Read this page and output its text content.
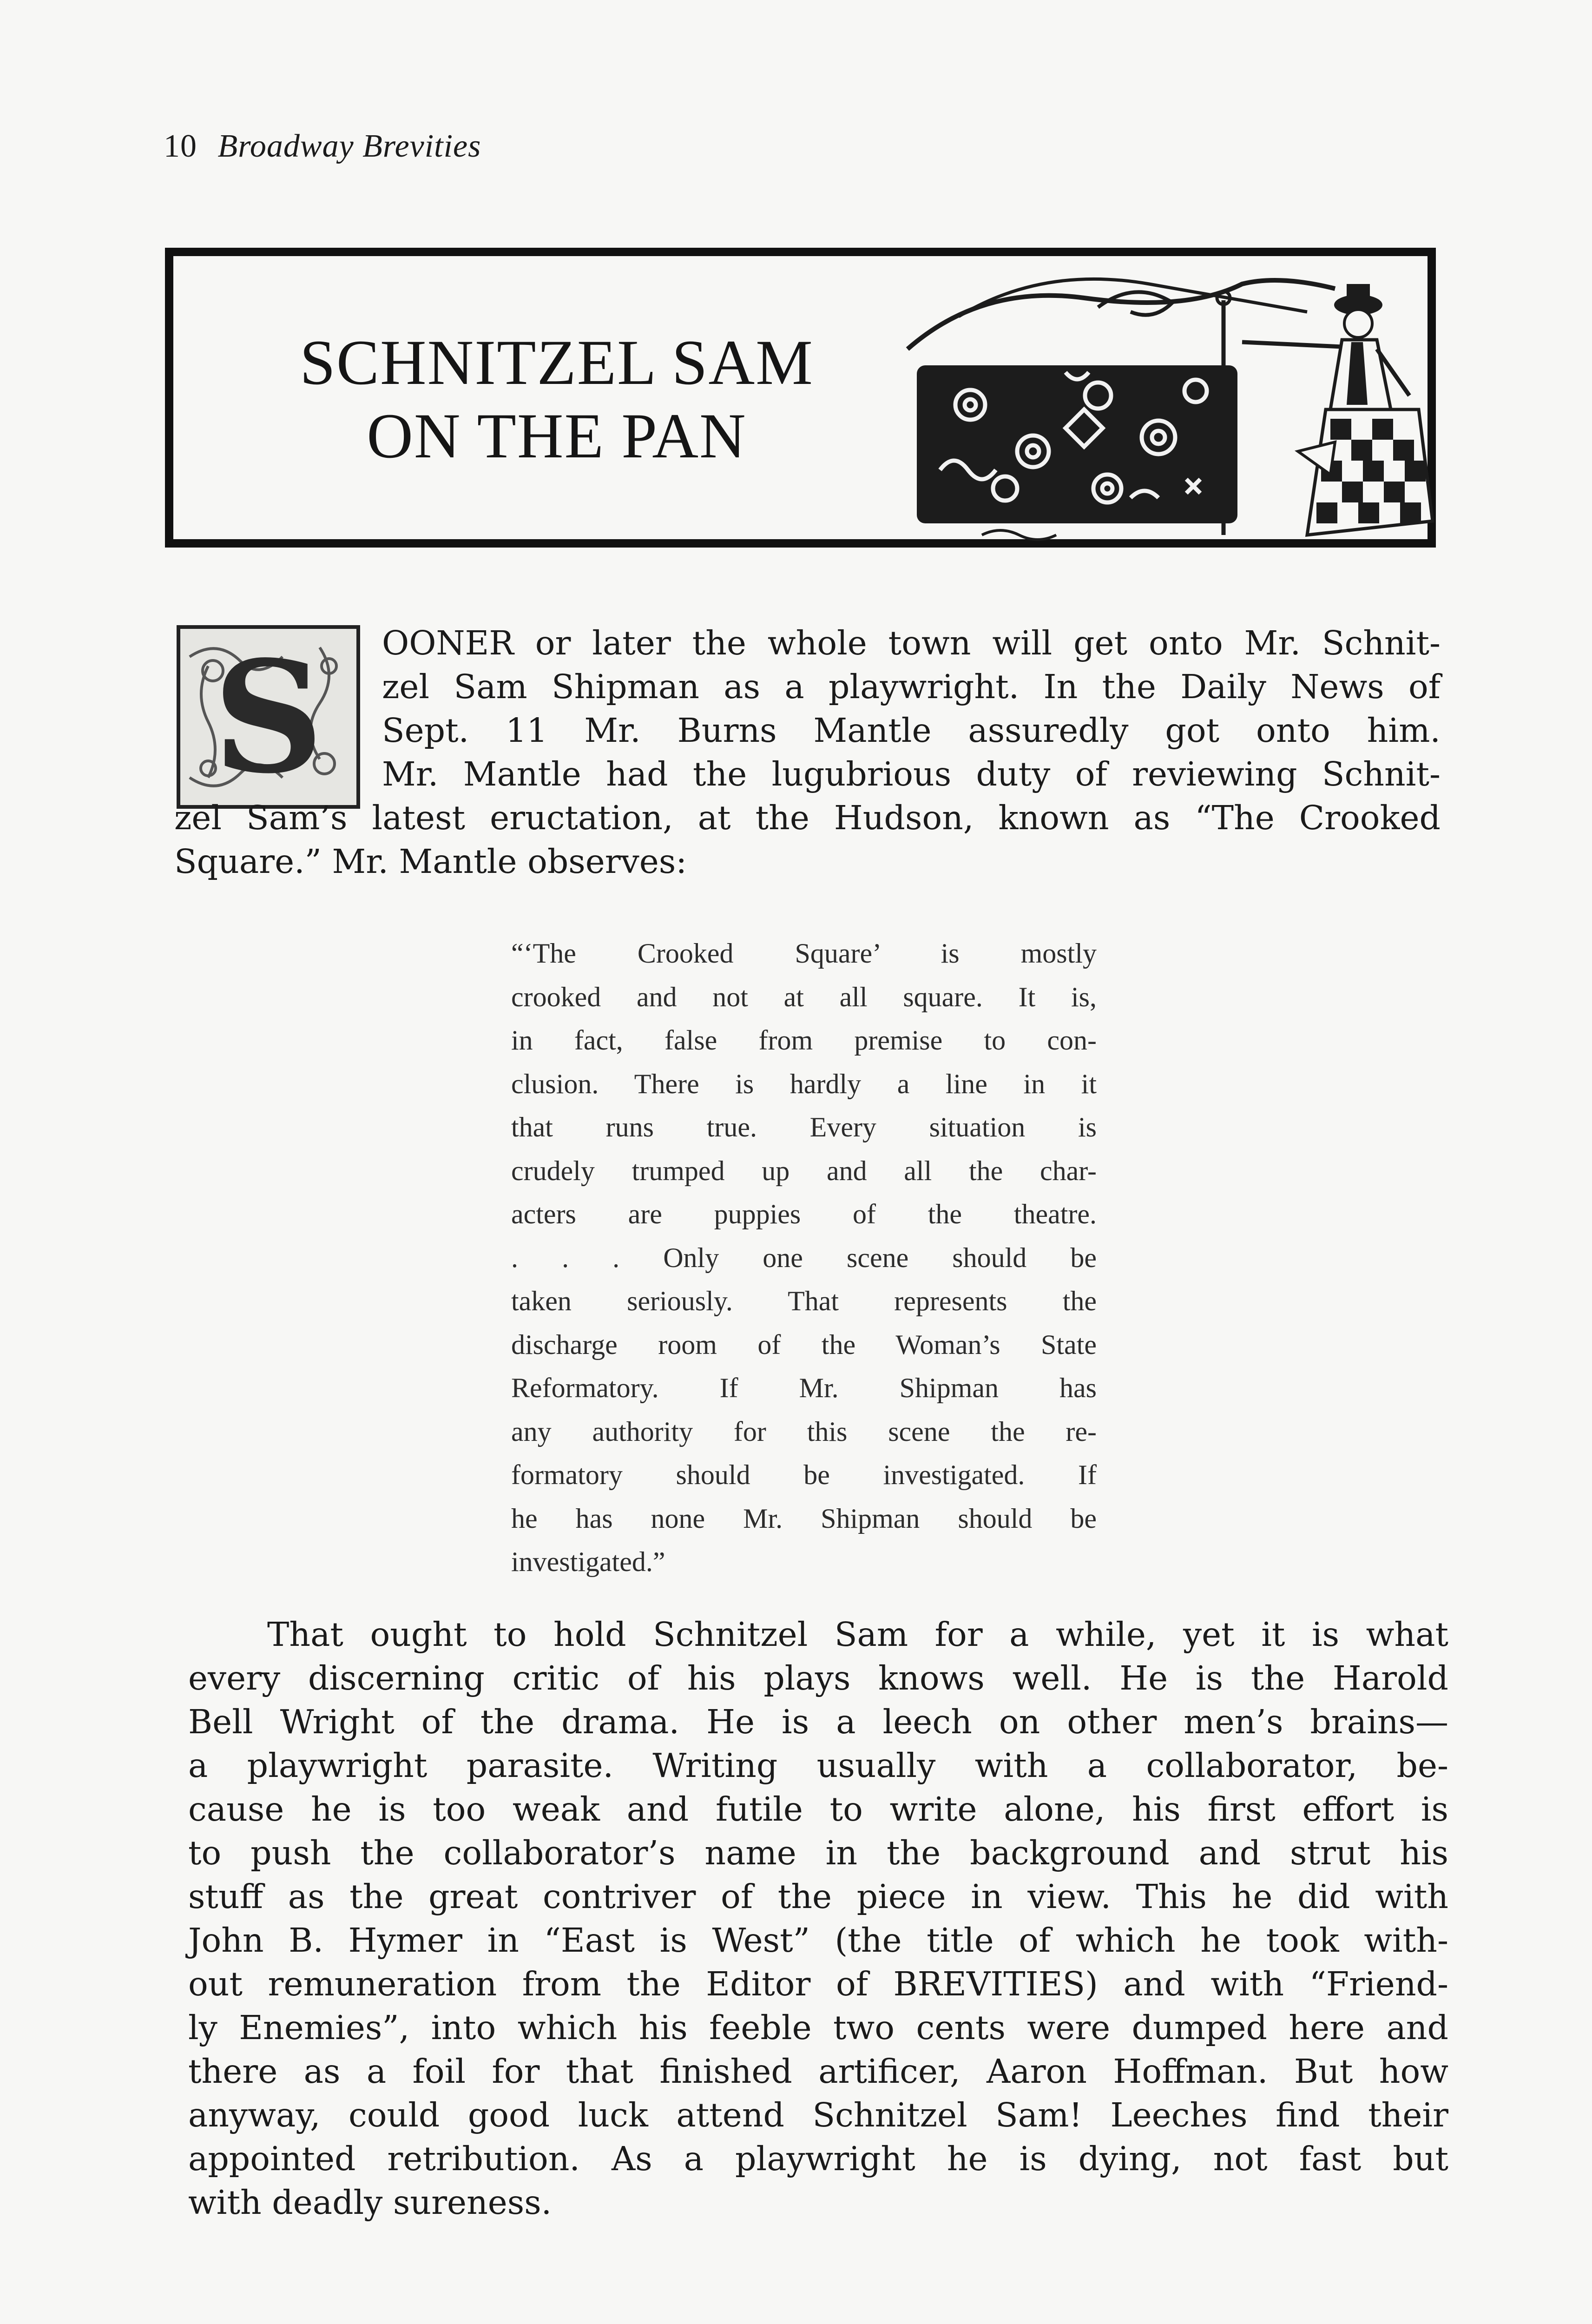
10 Broadway Brevities
SCHNITZEL SAM
ON THE PAN
S	OONER or later the whole town will get onto Mr. Schnit-
zel Sam Shipman as a playwright. In the Daily News of
Sept. 11 Mr. Burns Mantle assuredly got onto him.
Mr. Mantle had the lugubrious duty of reviewing Schnit-
zel Sam’s latest eructation, at the Hudson, known as “The Crooked
Square.” Mr. Mantle observes:
“‘The Crooked Square’ is mostly
crooked and not at all square. It is,
in fact, false from premise to con-
clusion. There is hardly a line in it
that runs true. Every situation is
crudely trumped up and all the char-
acters are puppies of the theatre.
. . . Only one scene should be
taken seriously. That represents the
discharge room of the Woman’s State
Reformatory. If Mr. Shipman has
any authority for this scene the re-
formatory should be investigated. If
he has none Mr. Shipman should be
investigated.”
That ought to hold Schnitzel Sam for a while, yet it is what
every discerning critic of his plays knows well. He is the Harold
Bell Wright of the drama. He is a leech on other men’s brains—
a playwright parasite. Writing usually with a collaborator, be-
cause he is too weak and futile to write alone, his first effort is
to push the collaborator’s name in the background and strut his
stuff as the great contriver of the piece in view. This he did with
John B. Hymer in “East is West” (the title of which he took with-
out remuneration from the Editor of BREVITIES) and with “Friend-
ly Enemies”, into which his feeble two cents were dumped here and
there as a foil for that finished artificer, Aaron Hoffman. But how
anyway, could good luck attend Schnitzel Sam! Leeches find their
appointed retribution. As a playwright he is dying, not fast but
with deadly sureness.
